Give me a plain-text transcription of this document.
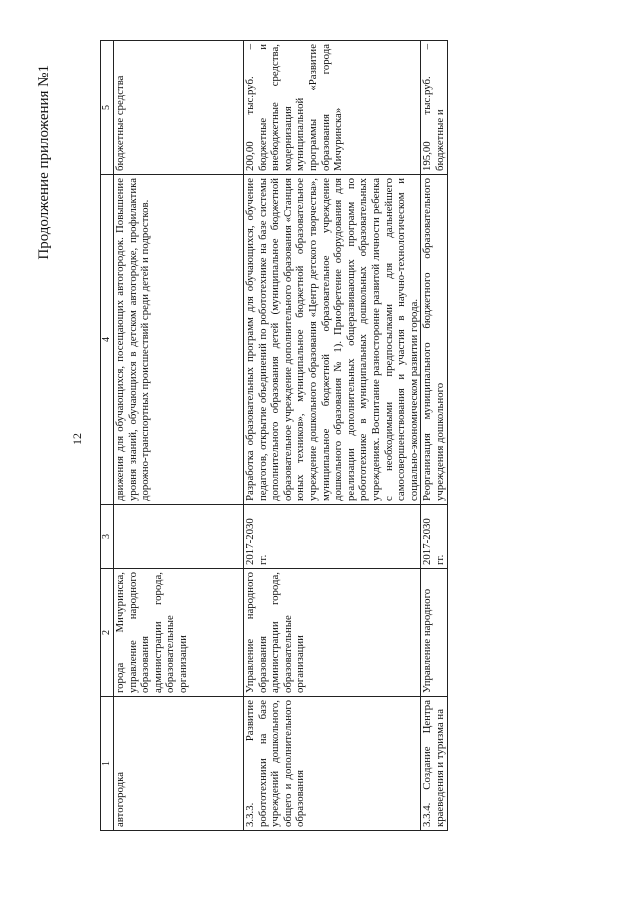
Продолжение приложения №1
12
1	2	3	4	5
автогородка	города Мичуринска, управление народного образования администрации города, образовательные организации		движения для обучающихся, посещающих автогородок. Повышение уровня знаний, обучающихся в детском автогородке, профилактика дорожно-транспортных происшествий среди детей и подростков.	бюджетные средства
3.3.3. Развитие робототехники на базе учреждений дошкольного, общего и дополнительного образования	Управление народного образования администрации города, образовательные организации	2017-2030 гг.	Разработка образовательных программ для обучающихся, обучение педагогов, открытие объединений по робототехнике на базе системы дополнительного образования детей (муниципальное бюджетной образовательное учреждение дополнительного образования «Станция юных техников», муниципальное бюджетной образовательное учреждение дошкольного образования «Центр детского творчества», муниципальное бюджетной образовательное учреждение дошкольного образования № 1). Приобретение оборудования для реализации дополнительных общеразвивающих программ по робототехнике в муниципальных дошкольных образовательных учреждениях. Воспитание разносторонне развитой личности ребенка с необходимыми предпосылками для дальнейшего самосовершенствования и участия в научно-технологическом и социально-экономическом развитии города.	200,00 тыс.руб. – бюджетные и внебюджетные средства, модернизация муниципальной программы «Развитие образования города Мичуринска»
3.3.4. Создание Центра краеведения и туризма на	Управление народного	2017-2030 гг.	Реорганизация муниципального бюджетного образовательного учреждения дошкольного	195,00 тыс.руб. – бюджетные и
